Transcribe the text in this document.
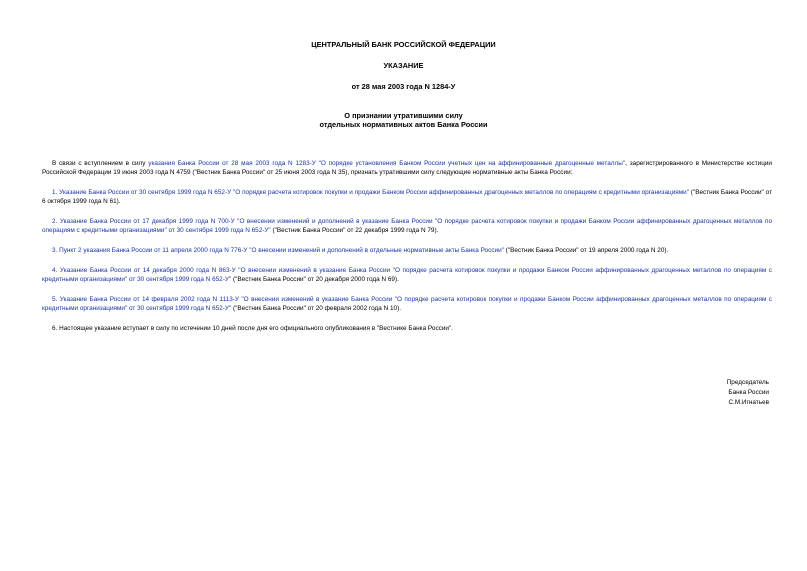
ЦЕНТРАЛЬНЫЙ БАНК РОССИЙСКОЙ ФЕДЕРАЦИИ
УКАЗАНИЕ
от 28 мая 2003 года N 1284-У
О признании утратившими силу
отдельных нормативных актов Банка России

В связи с вступлением в силу указания Банка России от 28 мая 2003 года N 1283-У "О порядке установления Банком России учетных цен на аффинированные драгоценные металлы", зарегистрированного в Министерстве юстиции Российской Федерации 19 июня 2003 года N 4759 ("Вестник Банка России" от 25 июня 2003 года N 35), признать утратившими силу следующие нормативные акты Банка России:

1. Указание Банка России от 30 сентября 1999 года N 652-У "О порядке расчета котировок покупки и продажи Банком России аффинированных драгоценных металлов по операциям с кредитными организациями" ("Вестник Банка России" от 6 октября 1999 года N 61).

2. Указание Банка России от 17 декабря 1999 года N 700-У "О внесении изменений и дополнений в указание Банка России "О порядке расчета котировок покупки и продажи Банком России аффинированных драгоценных металлов по операциям с кредитными организациями" от 30 сентября 1999 года N 652-У" ("Вестник Банка России" от 22 декабря 1999 года N 79).

3. Пункт 2 указания Банка России от 11 апреля 2000 года N 776-У "О внесении изменений и дополнений в отдельные нормативные акты Банка России" ("Вестник Банка России" от 19 апреля 2000 года N 20).

4. Указание Банка России от 14 декабря 2000 года N 863-У "О внесении изменений в указание Банка России "О порядке расчета котировок покупки и продажи Банком России аффинированных драгоценных металлов по операциям с кредитными организациями" от 30 сентября 1999 года N 652-У" ("Вестник Банка России" от 20 декабря 2000 года N 69).

5. Указание Банка России от 14 февраля 2002 года N 1113-У "О внесении изменений в указание Банка России "О порядке расчета котировок покупки и продажи Банком России аффинированных драгоценных металлов по операциям с кредитными организациями" от 30 сентября 1999 года N 652-У" ("Вестник Банка России" от 20 февраля 2002 года N 10).

6. Настоящее указание вступает в силу по истечении 10 дней после дня его официального опубликования в "Вестнике Банка России".

Председатель
Банка России
С.М.Игнатьев
